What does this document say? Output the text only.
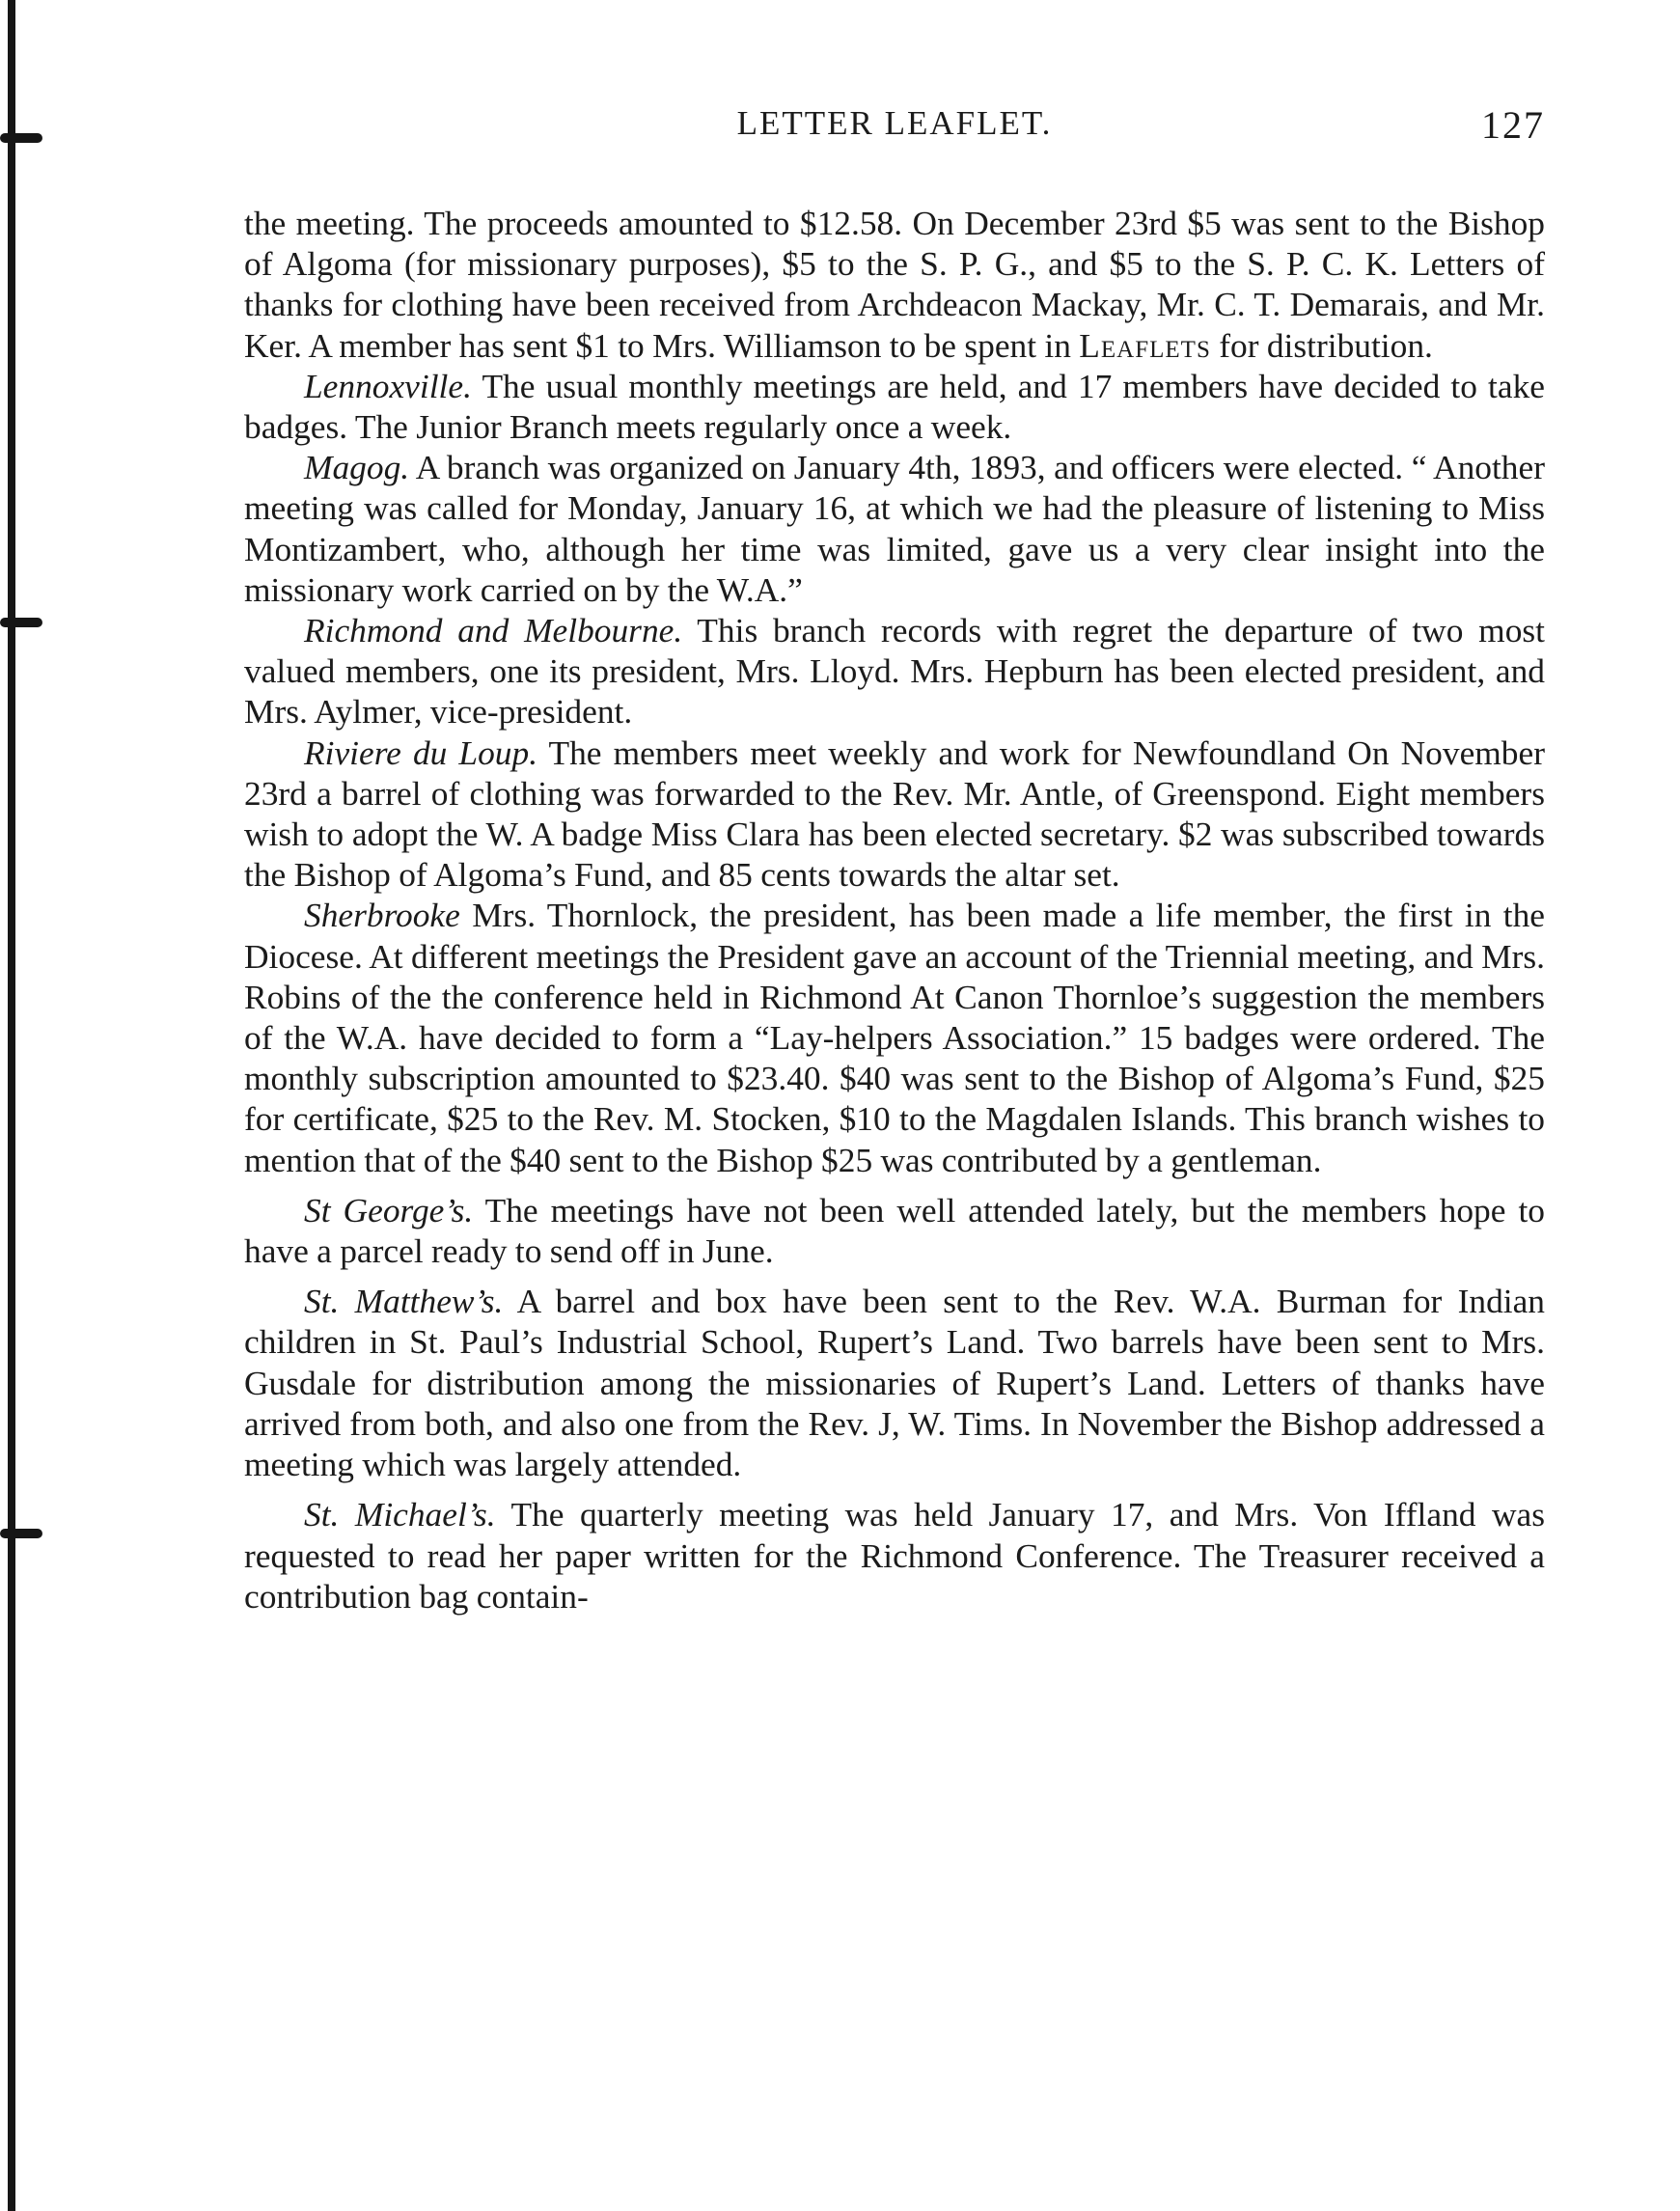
LETTER LEAFLET.	127

the meeting. The proceeds amounted to $12.58. On December 23rd $5 was sent to the Bishop of Algoma (for missionary purposes), $5 to the S. P. G., and $5 to the S. P. C. K. Letters of thanks for clothing have been received from Archdeacon Mackay, Mr. C. T. Demarais, and Mr. Ker. A member has sent $1 to Mrs. Williamson to be spent in Leaflets for distribution.

Lennoxville. The usual monthly meetings are held, and 17 members have decided to take badges. The Junior Branch meets regularly once a week.

Magog. A branch was organized on January 4th, 1893, and officers were elected. “ Another meeting was called for Monday, January 16, at which we had the pleasure of listening to Miss Montizambert, who, although her time was limited, gave us a very clear insight into the missionary work carried on by the W.A.”

Richmond and Melbourne. This branch records with regret the departure of two most valued members, one its president, Mrs. Lloyd. Mrs. Hepburn has been elected president, and Mrs. Aylmer, vice-president.

Riviere du Loup. The members meet weekly and work for Newfoundland On November 23rd a barrel of clothing was forwarded to the Rev. Mr. Antle, of Greenspond. Eight members wish to adopt the W. A badge Miss Clara has been elected secretary. $2 was subscribed towards the Bishop of Algoma’s Fund, and 85 cents towards the altar set.

Sherbrooke Mrs. Thornlock, the president, has been made a life member, the first in the Diocese. At different meetings the President gave an account of the Triennial meeting, and Mrs. Robins of the the conference held in Richmond At Canon Thornloe’s suggestion the members of the W.A. have decided to form a “Lay-helpers Association.” 15 badges were ordered. The monthly subscription amounted to $23.40. $40 was sent to the Bishop of Algoma’s Fund, $25 for certificate, $25 to the Rev. M. Stocken, $10 to the Magdalen Islands. This branch wishes to mention that of the $40 sent to the Bishop $25 was contributed by a gentleman.

St George’s. The meetings have not been well attended lately, but the members hope to have a parcel ready to send off in June.

St. Matthew’s. A barrel and box have been sent to the Rev. W.A. Burman for Indian children in St. Paul’s Industrial School, Rupert’s Land. Two barrels have been sent to Mrs. Gusdale for distribution among the missionaries of Rupert’s Land. Letters of thanks have arrived from both, and also one from the Rev. J, W. Tims. In November the Bishop addressed a meeting which was largely attended.

St. Michael’s. The quarterly meeting was held January 17, and Mrs. Von Iffland was requested to read her paper written for the Richmond Conference. The Treasurer received a contribution bag contain-
